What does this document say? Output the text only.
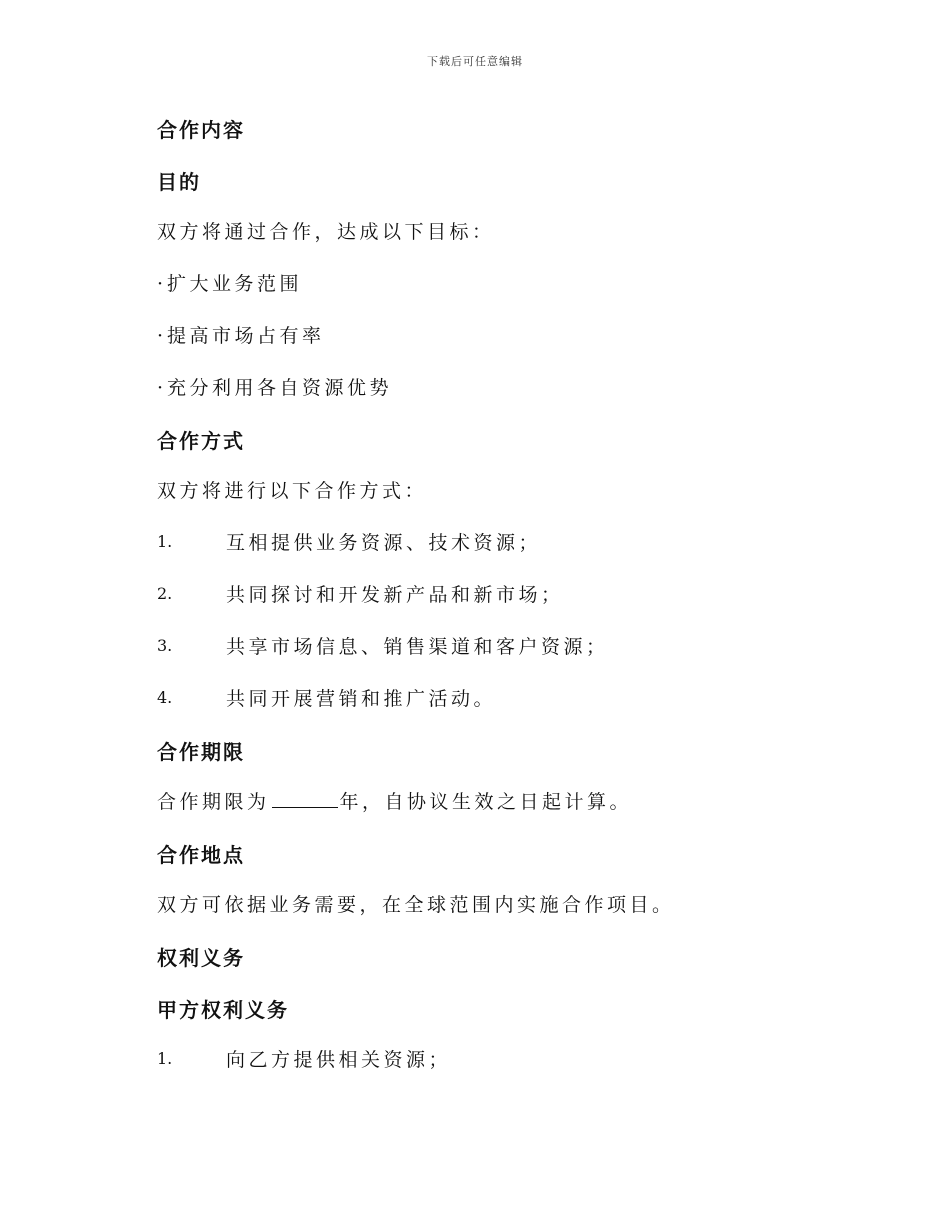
下载后可任意编辑
合作内容
目的
双方将通过合作，达成以下目标：
· 扩大业务范围
· 提高市场占有率
· 充分利用各自资源优势
合作方式
双方将进行以下合作方式：
1.	互相提供业务资源、技术资源；
2.	共同探讨和开发新产品和新市场；
3.	共享市场信息、销售渠道和客户资源；
4.	共同开展营销和推广活动。
合作期限
合作期限为	年，自协议生效之日起计算。
合作地点
双方可依据业务需要，在全球范围内实施合作项目。
权利义务
甲方权利义务
1.	向乙方提供相关资源；
